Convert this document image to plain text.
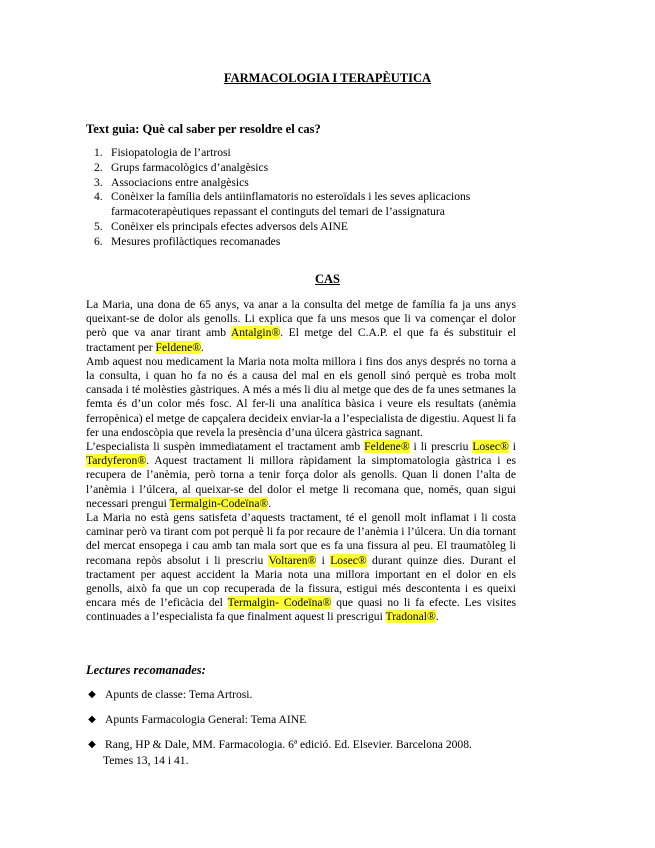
FARMACOLOGIA I TERAPÈUTICA
Text guia: Què cal saber per resoldre el cas?
1. Fisiopatologia de l’artrosi
2. Grups farmacològics d’analgèsics
3. Associacions entre analgèsics
4. Conèixer la família dels antiinflamatoris no esteroïdals i les seves aplicacions farmacoterapèutiques repassant el continguts del temari de l’assignatura
5. Conèixer els principals efectes adversos dels AINE
6. Mesures profilàctiques recomanades
CAS

La Maria, una dona de 65 anys, va anar a la consulta del metge de família fa ja uns anys queixant-se de dolor als genolls. Li explica que fa uns mesos que li va començar el dolor però que va anar tirant amb Antalgin®. El metge del C.A.P. el que fa és substituir el tractament per Feldene®.

Amb aquest nou medicament la Maria nota molta millora i fins dos anys després no torna a la consulta, i quan ho fa no és a causa del mal en els genoll sinó perquè es troba molt cansada i té molèsties gàstriques. A més a més li diu al metge que des de fa unes setmanes la femta és d’un color més fosc. Al fer-li una analítica bàsica i veure els resultats (anèmia ferropènica) el metge de capçalera decideix enviar-la a l’especialista de digestiu. Aquest li fa fer una endoscòpia que revela la presència d’una úlcera gàstrica sagnant.

L’especialista li suspèn immediatament el tractament amb Feldene® i li prescriu Losec® i Tardyferon®. Aquest tractament li millora ràpidament la simptomatologia gàstrica i es recupera de l’anèmia, però torna a tenir força dolor als genolls. Quan li donen l’alta de l’anèmia i l’úlcera, al queixar-se del dolor el metge li recomana que, només, quan sigui necessari prengui Termalgin-Codeïna®.

La Maria no està gens satisfeta d’aquests tractament, té el genoll molt inflamat i li costa caminar però va tirant com pot perquè li fa por recaure de l’anèmia i l’úlcera. Un dia tornant del mercat ensopega i cau amb tan mala sort que es fa una fissura al peu. El traumatòleg li recomana repòs absolut i li prescriu Voltaren® i Losec® durant quinze dies. Durant el tractament per aquest accident la Maria nota una millora important en el dolor en els genolls, això fa que un cop recuperada de la fissura, estigui més descontenta i es queixi encara més de l’eficàcia del Termalgin- Codeïna® que quasi no li fa efecte. Les visites continuades a l’especialista fa que finalment aquest li prescrigui Tradonal®.

Lectures recomanades:
◆ Apunts de classe: Tema Artrosi.
◆ Apunts Farmacologia General: Tema AINE
◆ Rang, HP & Dale, MM. Farmacologia. 6ª edició. Ed. Elsevier. Barcelona 2008.
Temes 13, 14 i 41.
